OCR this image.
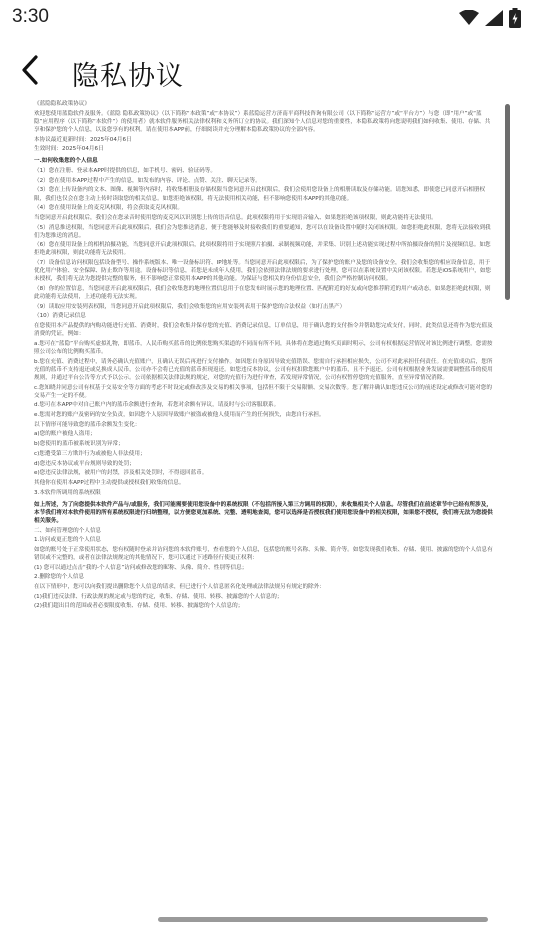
3:30
隐私协议

《蓝隐隐私政策协议》

欢迎您使用蓝隐软件及服务。《蓝隐 隐私政策协议》（以下简称“本政策”或“本协议”）系蓝隐运营方济南平商科技咨询有限公司（以下简称“运营方”或“平台方”）与您（即“用户”或“蓝隐”应用程序（以下简称“本软件”）的使用者）就本软件服务相关法律权利和义务所订立的协议。我们深知个人信息对您的重要性，本隐私政策将向您说明我们如何收集、使用、存储、共享和保护您的个人信息，以及您享有的权利。请在使用本APP前，仔细阅读并充分理解本隐私政策协议的全部内容。

本协议最近更新时间：2025年04月6日

生效时间：2025年04月6日

一.如何收集您的个人信息

（1）您在注册、登录本APP时提供的信息，如手机号、密码、验证码等。

（2）您在使用本APP过程中产生的信息，如发布的内容、评论、点赞、关注、聊天记录等。

（3）您在上传设备内的文本、图像、视频等内容时，将收集相册及存储权限当您同意开启此权限后，我们会使用您设备上的相册读取及存储功能。请您知悉，即使您已同意开启相册权限，我们也仅会在您主动上传时读取您的相关信息。如您拒绝该权限，将无法使用相关功能，但不影响您使用本APP的其他功能。

（4）您在使用设备上的麦克风权限，将会获取麦克风权限。

当您同意开启此权限后，我们会在您录音时使用您的麦克风以识别您上传的语音信息。此项权限将用于实现语音输入、如果您拒绝该项权限，则此功能将无法使用。

（5）消息推送权限，当您同意开启此项权限后，我们会为您推送消息，便于您能够及时接收我们的重要通知，您可以在设备设置中随时关闭该权限。如您拒绝此权限，您将无法接收到我们为您推送的消息。

（6）您在使用设备上的相机拍摄功能，当您同意开启此项权限后，此项权限将用于实现照片拍摄、录制视频功能，并采集、识别上述功能实现过程中所拍摄设备的照片及视频信息。如您拒绝此项权限，则此功能将无法使用。

（7）设备信息访问权限包括设备型号、操作系统版本、唯一设备标识符、IP地址等。当您同意开启此项权限后，为了保护您的账户及您的设备安全，我们会收集您的相应设备信息，用于优化用户体验、安全保障、防止欺诈等用途。设备标识等信息，若您是未成年人使用，我们会依照法律法规的要求进行处理，您可以在系统设置中关闭该权限。若您是iOS系统用户，如您未授权，我们将无法为您提供完整的服务，但不影响您正常使用本APP的其他功能。为保证与您相关的身份信息安全，我们会严格控制访问权限。

（8）你的位置信息，当您同意开启此项权限后，我们会收集您的地理位置信息用于在您发布时展示您的地理位置、匹配附近的好友或向您推荐附近的用户或动态，如果您拒绝此权限，则此功能将无法使用，上述功能将无法实现。

（9）读取应用安装列表权限，当您同意开启此项权限后，我们会收集您的应用安装列表用于保护您的合法权益（如打击黑产）

（10）消费记录信息

在您使用本产品提供的内购功能进行充值、消费时，我们会收集并保存您的充值、消费记录信息，订单信息，用于确认您的支付指令并帮助您完成支付，同时，此类信息还将作为您充值及消费的凭证，例如：

a.您可在“蓝隐”平台购买虚拟礼物，即蓝币，人民币购买蓝币的比例依您购买渠道的不同而有所不同，具体将在您通过购买页面时明示，公司有权根据运营情况对该比例进行调整，您需按照公司公布的比例购买蓝币。

b.您在充值、消费过程中，请务必确认充值账户，且确认无误后再进行支付操作。如因您自身原因导致充值错误、您需自行承担相应损失，公司不对此承担任何责任。在充值成功后，您所充值的蓝币不支持退还或兑换成人民币，公司亦不会将已充值的蓝币折现返还。如您违反本协议，公司有权扣除您账户中的蓝币，且不予退还。公司有权根据业务发展需要调整蓝币的使用规则，并通过平台公告等方式予以公示。公司依据相关法律法规的规定，对您的充值行为进行审查，若发现异常情况，公司有权暂停您的充值服务，直至异常情况消除。

c.您知晓并同意公司有权基于交易安全等方面的考虑不时设定或修改涉及交易的相关事项，包括但不限于交易限额、交易次数等。您了解并确认如您违反公司的前述设定或修改可能对您的交易产生一定的不便。

d.您可在本APP中对自己账户内的蓝币余额进行查询，若您对余额有异议，请及时与公司客服联系。

e.您需对您的账户及密码的安全负责，如因您个人原因导致账户被盗或被他人使用而产生的任何损失，由您自行承担。

以下情形可能导致您的蓝币余额发生变化：

a)您的账户被他人盗用；

b)您使用的蓝币被系统识别为异常；

c)您遭受第三方欺诈行为或被他人非法使用；

d)您违反本协议或平台规则导致的处罚；

e)您违反法律法规，被用户的封禁，涉及相关处罚时，不得退回蓝币。

其他你在使用本APP过程中主动提供或授权我们收集的信息。

3.本软件所调用的系统权限

如上所述，为了向您提供本软件产品与/或服务，我们可能需要使用您设备中的系统权限（不包括所接入第三方调用的权限），来收集相关个人信息。尽管我们在前述章节中已经有所涉及，本节我们将对本软件使用的所有系统权限进行归纳整理，以方便您更加系统、完整、透明地查阅，您可以选择是否授权我们使用您设备中的相关权限，如果您不授权，我们将无法为您提供相关服务。

二、如何管理您的个人信息

1.访问或更正您的个人信息

如您的账号处于正常使用状态，您有权随时登录并访问您的本软件账号，查看您的个人信息，包括您的账号名称、头像、简介等。如您发现我们收集、存储、使用、披露的您的个人信息有错误或不完整的，或者在法律法规规定的其他情况下，您可以通过下述路径行使更正权利：

(1) 您可以通过点击“我的-个人信息”访问或修改您的昵称、头像、简介、性别等信息；

2.删除您的个人信息

在以下情形中，您可以向我们提出删除您个人信息的请求，但已进行个人信息匿名化处理或法律法规另有规定的除外：

(1)我们违反法律、行政法规的规定或与您的约定，收集、存储、使用、转移、披露您的个人信息的；

(2)我们超出目的范围或者必要限度收集、存储、使用、转移、披露您的个人信息的；
